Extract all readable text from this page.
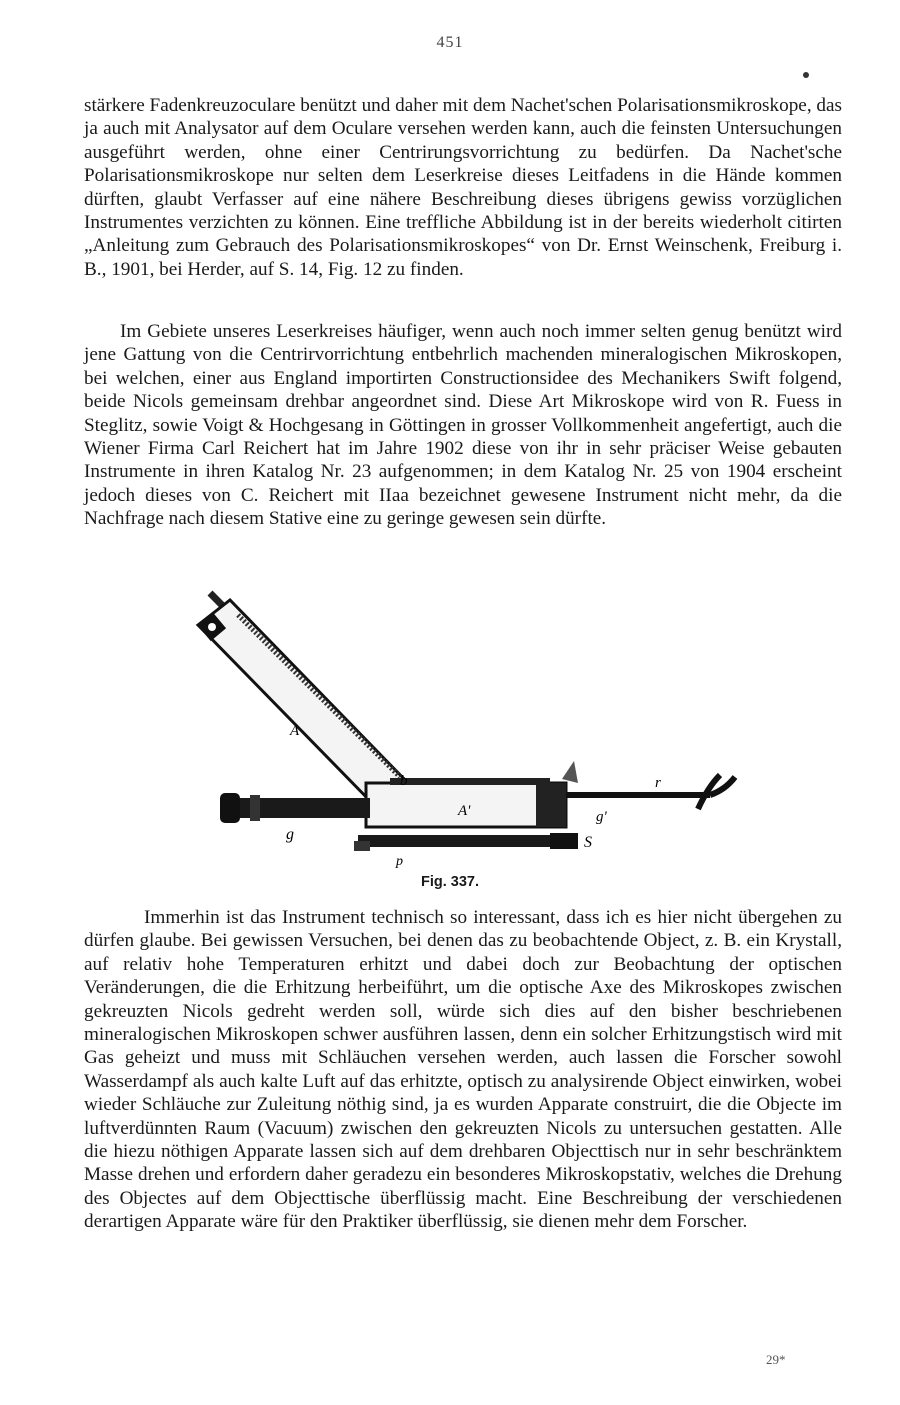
451

stärkere Fadenkreuzoculare benützt und daher mit dem Nachet'schen Polarisationsmikroskope, das ja auch mit Analysator auf dem Oculare versehen werden kann, auch die feinsten Untersuchungen ausgeführt werden, ohne einer Centrirungsvorrichtung zu bedürfen. Da Nachet'sche Polarisationsmikroskope nur selten dem Leserkreise dieses Leitfadens in die Hände kommen dürften, glaubt Verfasser auf eine nähere Beschreibung dieses übrigens gewiss vorzüglichen Instrumentes verzichten zu können. Eine treffliche Abbildung ist in der bereits wiederholt citirten „Anleitung zum Gebrauch des Polarisationsmikroskopes“ von Dr. Ernst Weinschenk, Freiburg i. B., 1901, bei Herder, auf S. 14, Fig. 12 zu finden.

Im Gebiete unseres Leserkreises häufiger, wenn auch noch immer selten genug benützt wird jene Gattung von die Centrirvorrichtung entbehrlich machenden mineralogischen Mikroskopen, bei welchen, einer aus England importirten Constructionsidee des Mechanikers Swift folgend, beide Nicols gemeinsam drehbar angeordnet sind. Diese Art Mikroskope wird von R. Fuess in Steglitz, sowie Voigt & Hochgesang in Göttingen in grosser Vollkommenheit angefertigt, auch die Wiener Firma Carl Reichert hat im Jahre 1902 diese von ihr in sehr präciser Weise gebauten Instrumente in ihren Katalog Nr. 23 aufgenommen; in dem Katalog Nr. 25 von 1904 erscheint jedoch dieses von C. Reichert mit IIaa bezeichnet gewesene Instrument nicht mehr, da die Nachfrage nach diesem Stative eine zu geringe gewesen sein dürfte.

A
b
A'
r
g
g'
p
S
Fig. 337.

Immerhin ist das Instrument technisch so interessant, dass ich es hier nicht übergehen zu dürfen glaube. Bei gewissen Versuchen, bei denen das zu beobachtende Object, z. B. ein Krystall, auf relativ hohe Temperaturen erhitzt und dabei doch zur Beobachtung der optischen Veränderungen, die die Erhitzung herbeiführt, um die optische Axe des Mikroskopes zwischen gekreuzten Nicols gedreht werden soll, würde sich dies auf den bisher beschriebenen mineralogischen Mikroskopen schwer ausführen lassen, denn ein solcher Erhitzungstisch wird mit Gas geheizt und muss mit Schläuchen versehen werden, auch lassen die Forscher sowohl Wasserdampf als auch kalte Luft auf das erhitzte, optisch zu analysirende Object einwirken, wobei wieder Schläuche zur Zuleitung nöthig sind, ja es wurden Apparate construirt, die die Objecte im luftverdünnten Raum (Vacuum) zwischen den gekreuzten Nicols zu untersuchen gestatten. Alle die hiezu nöthigen Apparate lassen sich auf dem drehbaren Objecttisch nur in sehr beschränktem Masse drehen und erfordern daher geradezu ein besonderes Mikroskopstativ, welches die Drehung des Objectes auf dem Objecttische überflüssig macht. Eine Beschreibung der verschiedenen derartigen Apparate wäre für den Praktiker überflüssig, sie dienen mehr dem Forscher.

29*
